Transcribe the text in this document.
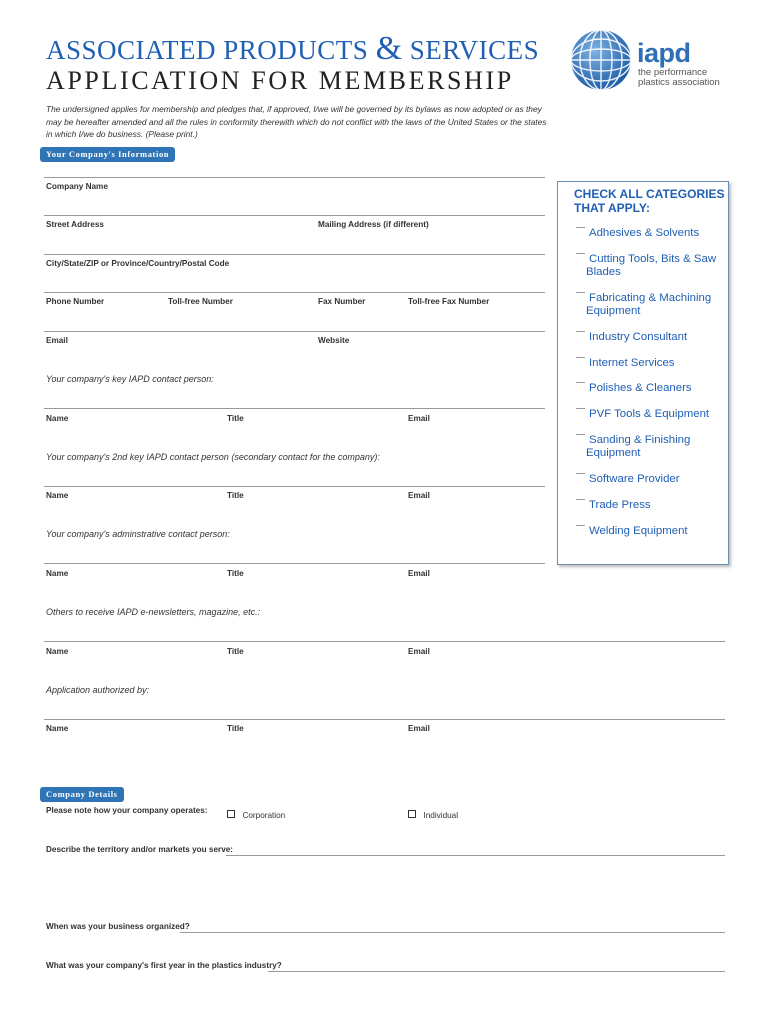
ASSOCIATED PRODUCTS & SERVICES
APPLICATION FOR MEMBERSHIP
The undersigned applies for membership and pledges that, if approved, I/we will be governed by its bylaws as now adopted or as they may be hereafter amended and all the rules in conformity therewith which do not conflict with the laws of the United States or the states in which I/we do business. (Please print.)
iapd
the performance
plastics association
Your Company's Information
Company Name
Street Address	Mailing Address (if different)
City/State/ZIP or Province/Country/Postal Code
Phone Number	Toll-free Number	Fax Number	Toll-free Fax Number
Email	Website
Your company's key IAPD contact person:
Name	Title	Email
Your company's 2nd key IAPD contact person (secondary contact for the company):
Name	Title	Email
Your company's adminstrative contact person:
Name	Title	Email
Others to receive IAPD e-newsletters, magazine, etc.:
Name	Title	Email
Application authorized by:
Name	Title	Email
CHECK ALL CATEGORIES
THAT APPLY:
Adhesives & Solvents
Cutting Tools, Bits & Saw Blades
Fabricating & Machining Equipment
Industry Consultant
Internet Services
Polishes & Cleaners
PVF Tools & Equipment
Sanding & Finishing Equipment
Software Provider
Trade Press
Welding Equipment
Company Details
Please note how your company operates:
Corporation	Individual
Describe the territory and/or markets you serve:
When was your business organized?
What was your company's first year in the plastics industry?
